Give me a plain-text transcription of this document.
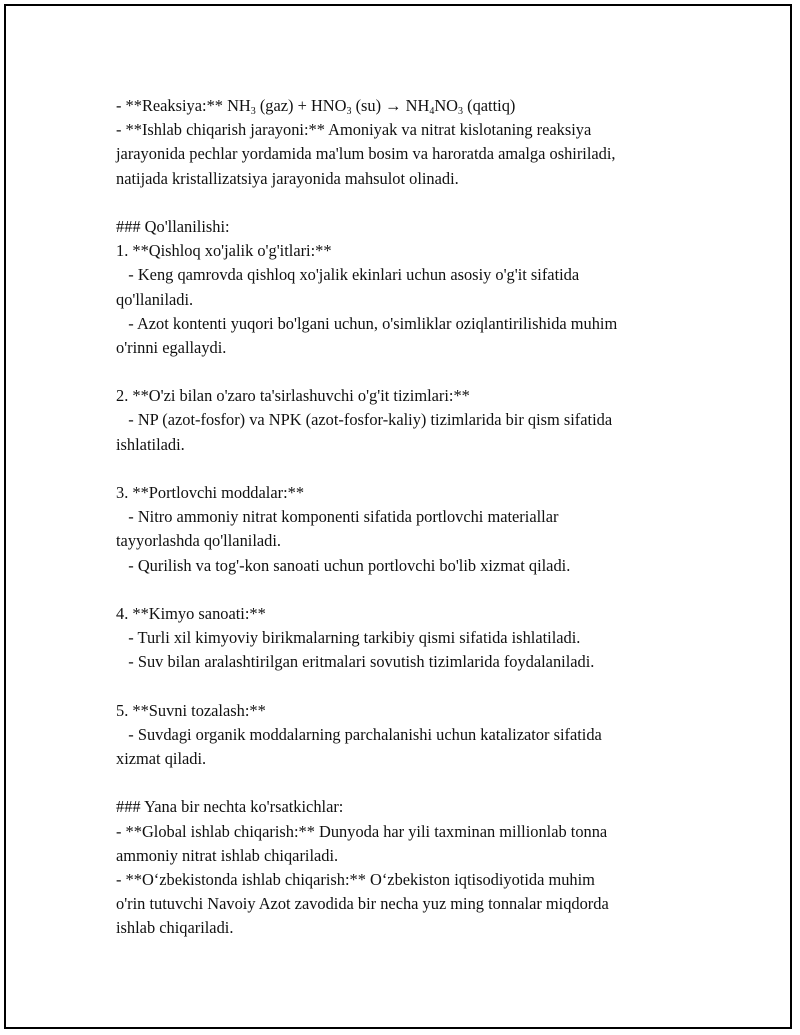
- **Reaksiya:** $NH_3$ $(gaz) + HNO_3$ $(su) \to NH_4NO_3$ (qattiq)
- **Ishlab chiqarish jarayoni:** Amoniyak va nitrat kislotaning reaksiya
jarayonida pechlar yordamida ma'lum bosim va haroratda amalga oshiriladi,
natijada kristallizatsiya jarayonida mahsulot olinadi.
### Qo'llanilishi:
1. **Qishloq xo'jalik o'g'itlari:**
- Keng qamrovda qishloq xo'jalik ekinlari uchun asosiy o'g'it sifatida
qo'llaniladi.
- Azot kontenti yuqori bo'lgani uchun, o'simliklar oziqlantirilishida muhim
o'rinni egallaydi.
2. **O'zi bilan o'zaro ta'sirlashuvchi o'g'it tizimlari:**
- NP (azot-fosfor) va NPK (azot-fosfor-kaliy) tizimlarida bir qism sifatida
ishlatiladi.
3. **Portlovchi moddalar:**
- Nitro ammoniy nitrat komponenti sifatida portlovchi materiallar
tayyorlashda qo'llaniladi.
- Qurilish va tog'-kon sanoati uchun portlovchi bo'lib xizmat qiladi.
4. **Kimyo sanoati:**
- Turli xil kimyoviy birikmalarning tarkibiy qismi sifatida ishlatiladi.
- Suv bilan aralashtirilgan eritmalari sovutish tizimlarida foydalaniladi.
5. **Suvni tozalash:**
- Suvdagi organik moddalarning parchalanishi uchun katalizator sifatida
xizmat qiladi.
### Yana bir nechta ko'rsatkichlar:
- **Global ishlab chiqarish:** Dunyoda har yili taxminan millionlab tonna
ammoniy nitrat ishlab chiqariladi.
- **O‘zbekistonda ishlab chiqarish:** O‘zbekiston iqtisodiyotida muhim
o'rin tutuvchi Navoiy Azot zavodida bir necha yuz ming tonnalar miqdorda
ishlab chiqariladi.
